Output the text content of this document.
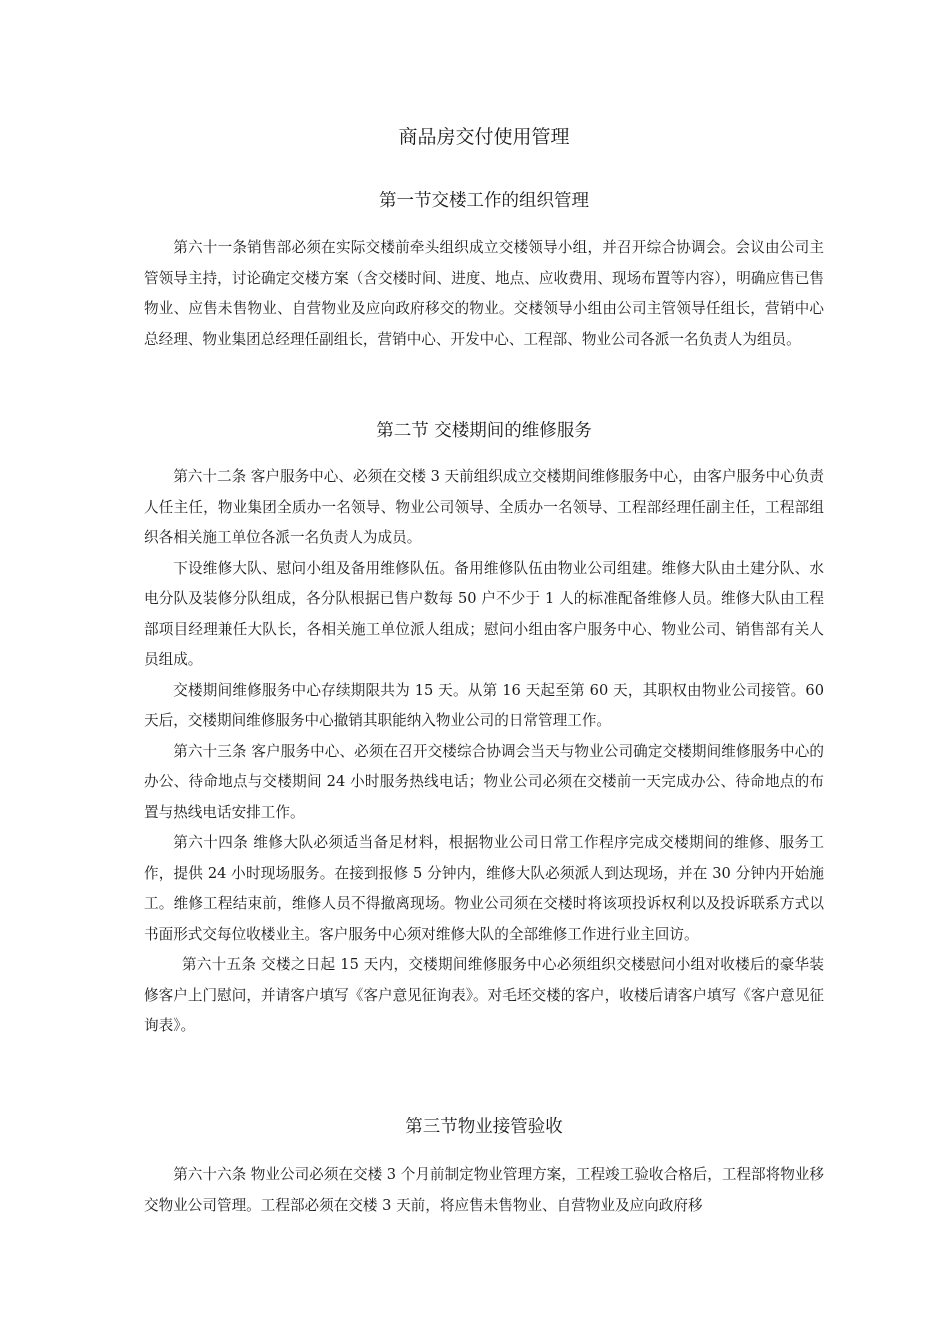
商品房交付使用管理
第一节交楼工作的组织管理

第六十一条销售部必须在实际交楼前牵头组织成立交楼领导小组，并召开综合协调会。会议由公司主管领导主持，讨论确定交楼方案（含交楼时间、进度、地点、应收费用、现场布置等内容），明确应售已售物业、应售未售物业、自营物业及应向政府移交的物业。交楼领导小组由公司主管领导任组长，营销中心总经理、物业集团总经理任副组长，营销中心、开发中心、工程部、物业公司各派一名负责人为组员。

第二节 交楼期间的维修服务

第六十二条 客户服务中心、必须在交楼 3 天前组织成立交楼期间维修服务中心，由客户服务中心负责人任主任，物业集团全质办一名领导、物业公司领导、全质办一名领导、工程部经理任副主任，工程部组织各相关施工单位各派一名负责人为成员。

下设维修大队、慰问小组及备用维修队伍。备用维修队伍由物业公司组建。维修大队由土建分队、水电分队及装修分队组成，各分队根据已售户数每 50 户不少于 1 人的标准配备维修人员。维修大队由工程部项目经理兼任大队长，各相关施工单位派人组成；慰问小组由客户服务中心、物业公司、销售部有关人员组成。

交楼期间维修服务中心存续期限共为 15 天。从第 16 天起至第 60 天，其职权由物业公司接管。60 天后，交楼期间维修服务中心撤销其职能纳入物业公司的日常管理工作。

第六十三条 客户服务中心、必须在召开交楼综合协调会当天与物业公司确定交楼期间维修服务中心的办公、待命地点与交楼期间 24 小时服务热线电话；物业公司必须在交楼前一天完成办公、待命地点的布置与热线电话安排工作。

第六十四条 维修大队必须适当备足材料，根据物业公司日常工作程序完成交楼期间的维修、服务工作，提供 24 小时现场服务。在接到报修 5 分钟内，维修大队必须派人到达现场，并在 30 分钟内开始施工。维修工程结束前，维修人员不得撤离现场。物业公司须在交楼时将该项投诉权利以及投诉联系方式以书面形式交每位收楼业主。客户服务中心须对维修大队的全部维修工作进行业主回访。

第六十五条 交楼之日起 15 天内，交楼期间维修服务中心必须组织交楼慰问小组对收楼后的豪华装修客户上门慰问，并请客户填写《客户意见征询表》。对毛坯交楼的客户，收楼后请客户填写《客户意见征询表》。

第三节物业接管验收

第六十六条 物业公司必须在交楼 3 个月前制定物业管理方案，工程竣工验收合格后，工程部将物业移交物业公司管理。工程部必须在交楼 3 天前，将应售未售物业、自营物业及应向政府移
